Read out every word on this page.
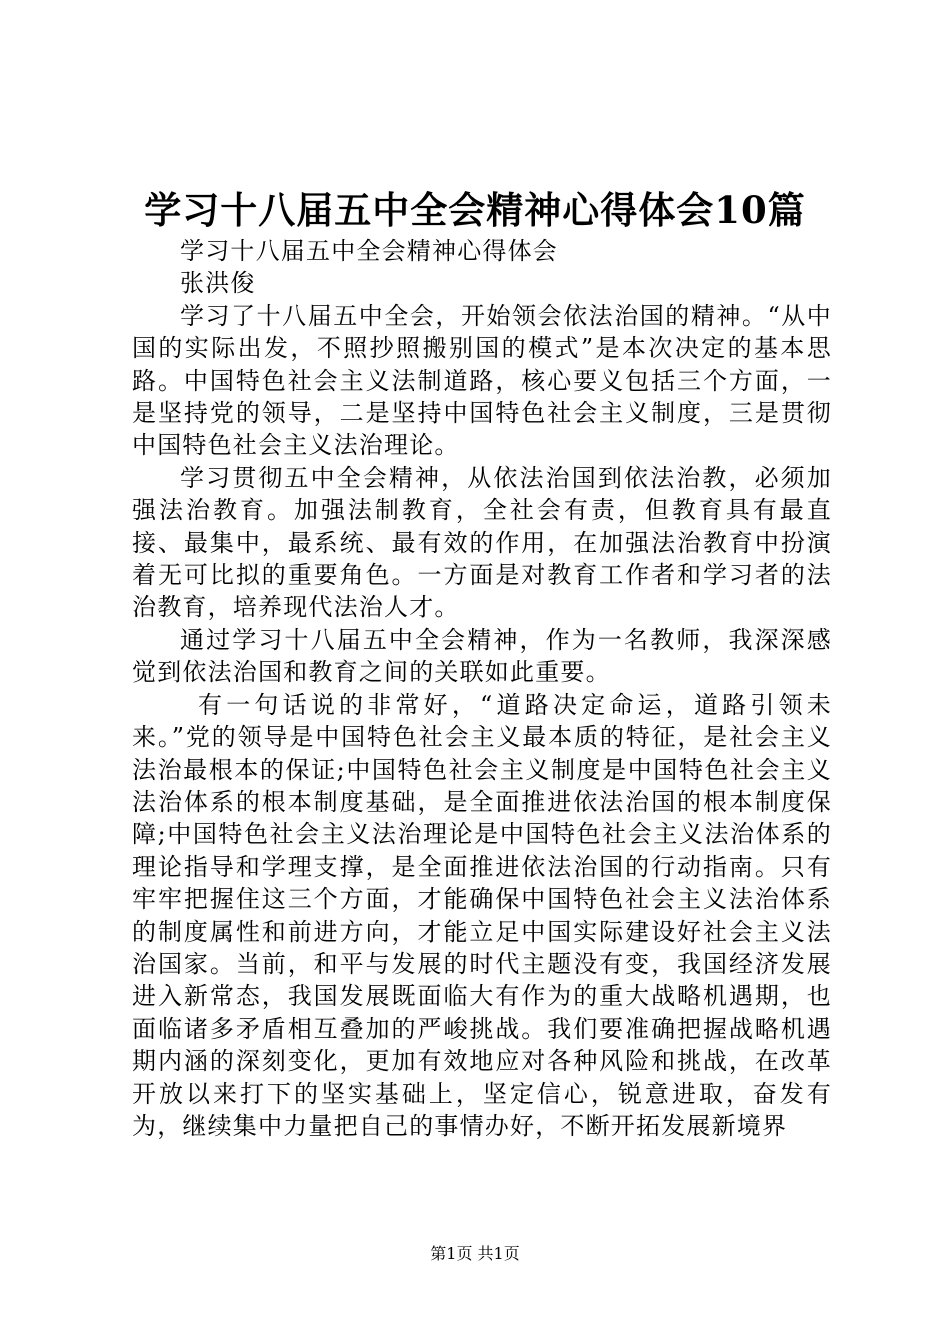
学习十八届五中全会精神心得体会10篇

学习十八届五中全会精神心得体会

张洪俊

学习了十八届五中全会，开始领会依法治国的精神。“从中国的实际出发，不照抄照搬别国的模式”是本次决定的基本思路。中国特色社会主义法制道路，核心要义包括三个方面，一是坚持党的领导，二是坚持中国特色社会主义制度，三是贯彻中国特色社会主义法治理论。

学习贯彻五中全会精神，从依法治国到依法治教，必须加强法治教育。加强法制教育，全社会有责，但教育具有最直接、最集中，最系统、最有效的作用，在加强法治教育中扮演着无可比拟的重要角色。一方面是对教育工作者和学习者的法治教育，培养现代法治人才。

通过学习十八届五中全会精神，作为一名教师，我深深感觉到依法治国和教育之间的关联如此重要。

有一句话说的非常好，“道路决定命运，道路引领未来。”党的领导是中国特色社会主义最本质的特征，是社会主义法治最根本的保证;中国特色社会主义制度是中国特色社会主义法治体系的根本制度基础，是全面推进依法治国的根本制度保障;中国特色社会主义法治理论是中国特色社会主义法治体系的理论指导和学理支撑，是全面推进依法治国的行动指南。只有牢牢把握住这三个方面，才能确保中国特色社会主义法治体系的制度属性和前进方向，才能立足中国实际建设好社会主义法治国家。当前，和平与发展的时代主题没有变，我国经济发展进入新常态，我国发展既面临大有作为的重大战略机遇期，也面临诸多矛盾相互叠加的严峻挑战。我们要准确把握战略机遇期内涵的深刻变化，更加有效地应对各种风险和挑战，在改革开放以来打下的坚实基础上，坚定信心，锐意进取，奋发有为，继续集中力量把自己的事情办好，不断开拓发展新境界

第1页 共1页
